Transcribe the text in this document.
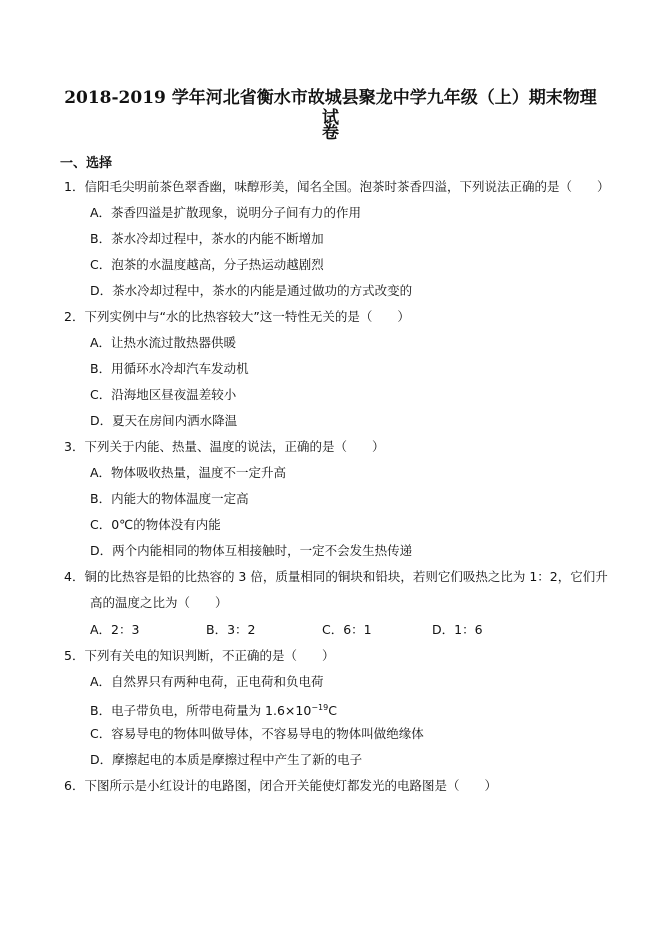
2018-2019 学年河北省衡水市故城县聚龙中学九年级（上）期末物理试
卷
一、选择
1．信阳毛尖明前茶色翠香幽，味醇形美，闻名全国。泡茶时茶香四溢，下列说法正确的是（　　）
A．茶香四溢是扩散现象，说明分子间有力的作用
B．茶水冷却过程中，茶水的内能不断增加
C．泡茶的水温度越高，分子热运动越剧烈
D．茶水冷却过程中，茶水的内能是通过做功的方式改变的
2．下列实例中与“水的比热容较大”这一特性无关的是（　　）
A．让热水流过散热器供暖
B．用循环水冷却汽车发动机
C．沿海地区昼夜温差较小
D．夏天在房间内洒水降温
3．下列关于内能、热量、温度的说法，正确的是（　　）
A．物体吸收热量，温度不一定升高
B．内能大的物体温度一定高
C．0℃的物体没有内能
D．两个内能相同的物体互相接触时，一定不会发生热传递
4．铜的比热容是铅的比热容的 3 倍，质量相同的铜块和铅块，若则它们吸热之比为 1：2，它们升
高的温度之比为（　　）
A．2：3	B．3：2	C．6：1	D．1：6
5．下列有关电的知识判断，不正确的是（　　）
A．自然界只有两种电荷，正电荷和负电荷
B．电子带负电，所带电荷量为 $1.6\times 10^{-19}C$
C．容易导电的物体叫做导体，不容易导电的物体叫做绝缘体
D．摩擦起电的本质是摩擦过程中产生了新的电子
6．下图所示是小红设计的电路图，闭合开关能使灯都发光的电路图是（　　）
